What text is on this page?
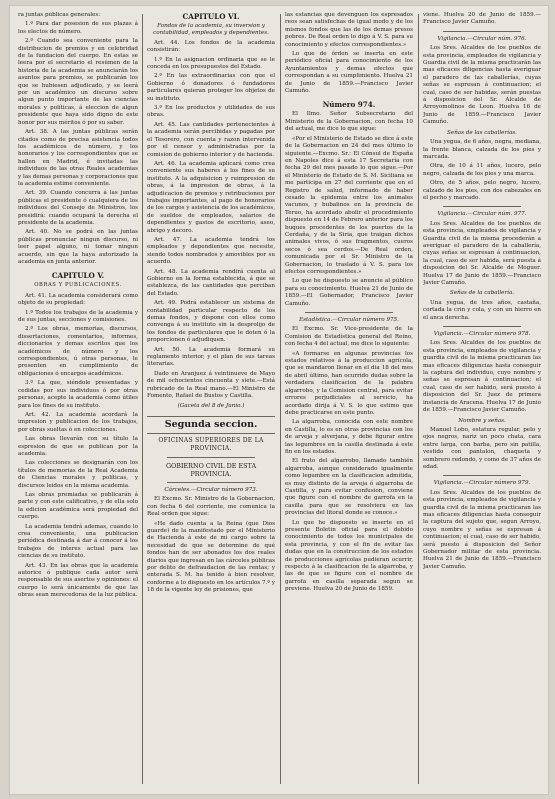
ra juntas públicas generales:

1.º Para dar posesion de sus plazas á los electos de número.

2.º Cuando sea conveniente para la distribucion de premios y en celebridad de la fundacion del cuerpo. En estas se leera por el secretario el resúmen de la historia de la academia se anunciarán los asuntos para premios, se publicarán los que se hubiesen adjudicado, y se leerá por un académico un discurso sobre algun punto importante de las ciencias morales y políticas, á eleccion de algun presidente que haya sido digno de este honor por sus méritos ó por su saber.

Art. 38. A las juntas públicas serán citados como de precisa asistencia todos los académicos de número, y los honorarios y los correspondientes que se hallen en Madrid, é invitadas las individuos de las otras Reales academias y las demas personas y corporaciones que la academia estime conveniente.

Art. 39. Cuando concurra á las juntas públicas el presidente ó cualquiera de los individuos del Consejo de Ministros, los presidirá: cuando ocupará la derecha el presidente de la academia.

Art. 40. No se podrá en las juntas públicas pronunciar ningun discurso, ni leer papel alguno, ni tomar ningun acuerdo, sin que la haya autorizado la academia en junta anterior.

CAPITULO V.
OBRAS Y PUBLICACIONES.

Art. 41. La academia considerará como objeto de su propiedad:

1.º Todos los trabajos de la academia y de sus juntas, secciones y comisiones.

2.º Los obras, memorias, discursos, dissertaciones, comentarios, informes, diccionarios y demas escritos que los académicos de número y los correspondientes, ú otras personas, le presenten en cumplimiento de obligaciones ó encargos académicos.

3.º La que, siéndole presentadas y cedidas por sus individuos ó por otras personas, acepte la academia como útiles para los fines de su instituto.

Art. 42. La academia acordará la impresion y publicacion de los trabajos, por obras sueltas ó en colecciones.

Las obras llevarán con su título la espresion de que se publican por la academia.

Las colecciones se designarán con los títulos de memorias de la Real Academia de Ciencias morales y políticas, y discursos leidos en la misma academia.

Las obras premiadas se publicarán á parte y con este calificativo, y de ella solo la edicion académica será propiedad del cuerpo.

La academia tendrá ademas, cuando lo crea conveniente, una publicacion periódica destinada á dar á conocer á los trabajos de interes actual para las ciencias de su instituto.

Art. 43. En las obras que la academia autorice ó publique cada autor será responsable de sus asertos y opiniones: el cuerpo lo será únicamente de que las obras sean merecedoras de la luz pública.

CAPITULO VI.

Fondos de la academia, su inversion y contabilidad, empleados y dependientes.

Art. 44. Los fondos de la academia consistirán:

1.º En la asignacion ordinaria que se le conceda en los presupuestos del Estado.

2.º En las extraordinarias con que el Gobierno ó donadores ó fundadores particulares quieran proteger los objetos de su instituto.

3.º En los productos y utilidades de sus obras.

Art. 45. Las cantidades pertenecientes á la academia serán percibidas y pagadas por el Tesorero, con cuenta y razon intervenida por el censor y administradas por la comision de gobierno interior y de hacienda.

Art. 46. La academia aplicará como crea conveniente sus haberes á los fines de su instituto. A la adquisicion y reimpresion de obras, á la impresion de obras, á la adjudicacion de premios y retribuciones por trabajos importantes, al pago de honorarios de los cargos y asistencia de los académicos, de sueldos de empleados, salarios de dependientes y gastos de escritorio, aseo, abrigo y decoro.

Art. 47. La academia tendrá los empleados y dependientes que necesite, siendo todos nombrados y amovibles por su acuerdo.

Art. 48. La academia rendirá cuenta al Gobierno en la forma establecida, á que se establezca, de las cantidades que perciban del Estado.

Art. 49. Podrá establecer un sistema de contabilidad particular respecto de los demas fondos, y dispone con ellos como convenga á su instituto sin la desprolijo de los fondos de particulares que le doten ó la proporcionen ó adjudiquen.

Art. 50. La academia formará su reglamento interior, y el plan de sus tareas literarias.

Dado en Aranjuez á veintinueve de Mayo de mil ochocientos cincuenta y siete.—Está rubricado de la Real mano.—El Ministro de Fomento, Rafael de Bustos y Castilla.

(Gaceta del 8 de Junio.)

Segunda seccion.
OFICINAS SUPERIORES DE LA PROVINCIA.
GOBIERNO CIVIL DE ESTA PROVINCIA.

Cárceles.—Circular número 973.

El Excmo. Sr. Ministro de la Gobernacion, con fecha 6 del corriente, me comunica la Real orden que sigue:

«He dado cuenta a la Reina (que Dios guarde) de la manifestado por el Ministerio de Hacienda á este de mi cargo sobre la necesidad de que se determine de qué fondos han de ser abonados los dos reales diarios que ingresan en las cárceles públicas por delito de defraudacion de las rentas; y enterada S. M. ha tenido á bien resolver, conforme a lo dispuesto en los artículos 7.º y 18 de la vigente ley de prisiones, que

las estancias que devenguen los espresados reos sean satisfechas de igual modo y de los mismos fondos que las de los demas presos pobres. De Real orden lo digo á V. S. para su conocimiento y efectos correspondientes.»

Lo que de órden se inserta en este periódico oficial para conocimiento de los Ayuntamientos y demas efectos que correspondan a su cumplimiento. Huelva 21 de Junio de 1859.—Francisco Javier Camuño.

Número 974.

El Ilmo. Señor Subsecretario del Ministerio de la Gobernacion, con fecha 10 del actual, me dice lo que sigue:

«Por el Ministerio de Estado se dice á este de la Gobernacion en 24 del mes último lo siguiente.—Excmo. Sr.: El Cónsul de España en Napoles dice á esta 17 Secretaría con fecha 29 del mes pasado lo que sigue.—Por el Ministerio de Estado de S. M. Siciliana se me participa en 27 del corriente que en el Registro de salud, informado de haber cesado la epidemia entre los animales vacunos, y bubalinos en la provincia de Teruo, ha acordado abolir el procedimiento dispuesto en 14 de Febrero anterior para los buques procedentes de los puertos de la Cerdaña, y de la Siria, que traigan dichos animales vivos, ó sus fragmentos, cueros secos ó sea cerdos.—De Real orden, comunicada por el Sr. Ministro de la Gobernacion, lo traslado á V. S. para los efectos correspondientes.»

Lo que he dispuesto se anuncie al público para su conocimiento. Huelva 21 de Junio de 1859.—El Gobernador, Francisco Javier Camuño.

Estadística.—Circular número 975.

El Excmo. Sr. Vice-presidente de la Comision de Estadística general del Reino, con fecha 4 del actual, me dice lo siguiente:

«A formarse en algunas provincias los estados relativos á la produccion agrícola, que se mandaron llenar en el dia 18 del mes de abril último, han ocurrido dudas sobre la verdadera clasificacion de la palabra algarrobo, y la Comision central, para evitar errores perjudiciales al servicio, ha acordado dirija á V. S. lo que estimo que debe practicarse en este punto.

La algarroba, conocida con este nombre en Castilla, lo es en otras provincias con los de arveja y alverjana, y debe figurar entre las legumbres en la casilla destinada á este fin en los estados.

El fruto del algarrobo, llamado también algarroba, aunque considerado igualmente como legumbre en la clasificacion admitida, es muy distinto de la arveja ó algarroba de Castilla, y para evitar confusion, conviene que figure con el nombre de garrofa en la casilla para que se resolviera en las provincias del litoral donde se conoce.»

Lo que he dispuesto se inserte en el presente Boletin oficial para el debido conocimiento de todos los municipales de esta provincia, y con el fin de evitar las dudas que en la construccion de los estados de producciones agrícolas pudieran ocurrir, respecto á la clasificacion de la algarroba, y las de que se figure con el nombre de garrofa en casilla separada segun se previene. Huelva 20 de Junio de 1859.

viene. Huelva 20 de Junio de 1859.—Francisco Javier Camuño.

Vigilancia.—Circular núm. 976.

Los Sres. Alcaldes de los pueblos de esta provincia, empleados de vigilancia y Guardia civil de la misma practicarán las mas eficaces diligencias hasta averiguar el paradero de las caballerías, cuyas señas se espresan á continuacion; el cual, caso de ser habidas, serán puestas á disposicion del Sr. Alcalde de Arroyomolinos de Leon. Huelva 16 de Junio de 1859.—Francisco Javier Camuño.

Señas de las caballerías.

Una yegua, de 6 años, negra, mediana, la frente blanca, calzada de los pies y marcada.

Otra, de 10 á 11 años, lucero, pelo negro, calzada de los pies y una marca.

Otro, de 5 años, pelo negro, lucero, calzado de los pies, con dos cabezales en el pecho y marcado.

Vigilancia.—Circular núm. 977.

Los Sres. Alcaldes de los pueblos de esta provincia, empleados de vigilancia y Guardia civil de la misma procederán a averiguar el paradero de la caballería, cuyas señas se espresan á continuacion, la cual, caso de ser habida, será puesta á disposicion del Sr. Alcalde de Moguer. Huelva 17 de Junio de 1859.—Francisco Javier Camuño.

Señas de la caballería.

Una yegua, de tres años, castaña, cortada la crin y cola, y con un hierro en el anca derecha.

Vigilancia.—Circular número 978.

Los Sres. Alcaldes de los pueblos de esta provincia, empleados de vigilancia y guardia civil de la misma practicaran las mas eficaces diligencias hasta conseguir la captura del individuo, cuyo nombre y señas se espresan á continuacion; el cual, caso de ser habido, será puesto á disposicion del Sr. Juez de primera instancia de Aracena. Huelva 17 de Junio de 1859.—Francisco Javier Camuño.

Nombre y señas.

Manuel Lobo, estatura regular, pelo y ojos negros, nariz un poco chata, cara entre larga, con barba, pero sin patilla, vestido con pantalon, chaqueta y sombrero redondo, y como de 37 años de edad.

Vigilancia.—Circular número 979.

Los Sres. Alcaldes de los pueblos de esta provincia, empleados de vigilancia y guardia civil de la misma practicaran las mas eficaces diligencias hasta conseguir la captura del sujeto que, segun Arroyo, cuyo nombre y señas se espresan á continuacion; el cual, caso de ser habido, será puesto á disposicion del Señor Gobernador militar de esta provincia. Huelva 21 de Junio de 1859.—Francisco Javier Camuño.
